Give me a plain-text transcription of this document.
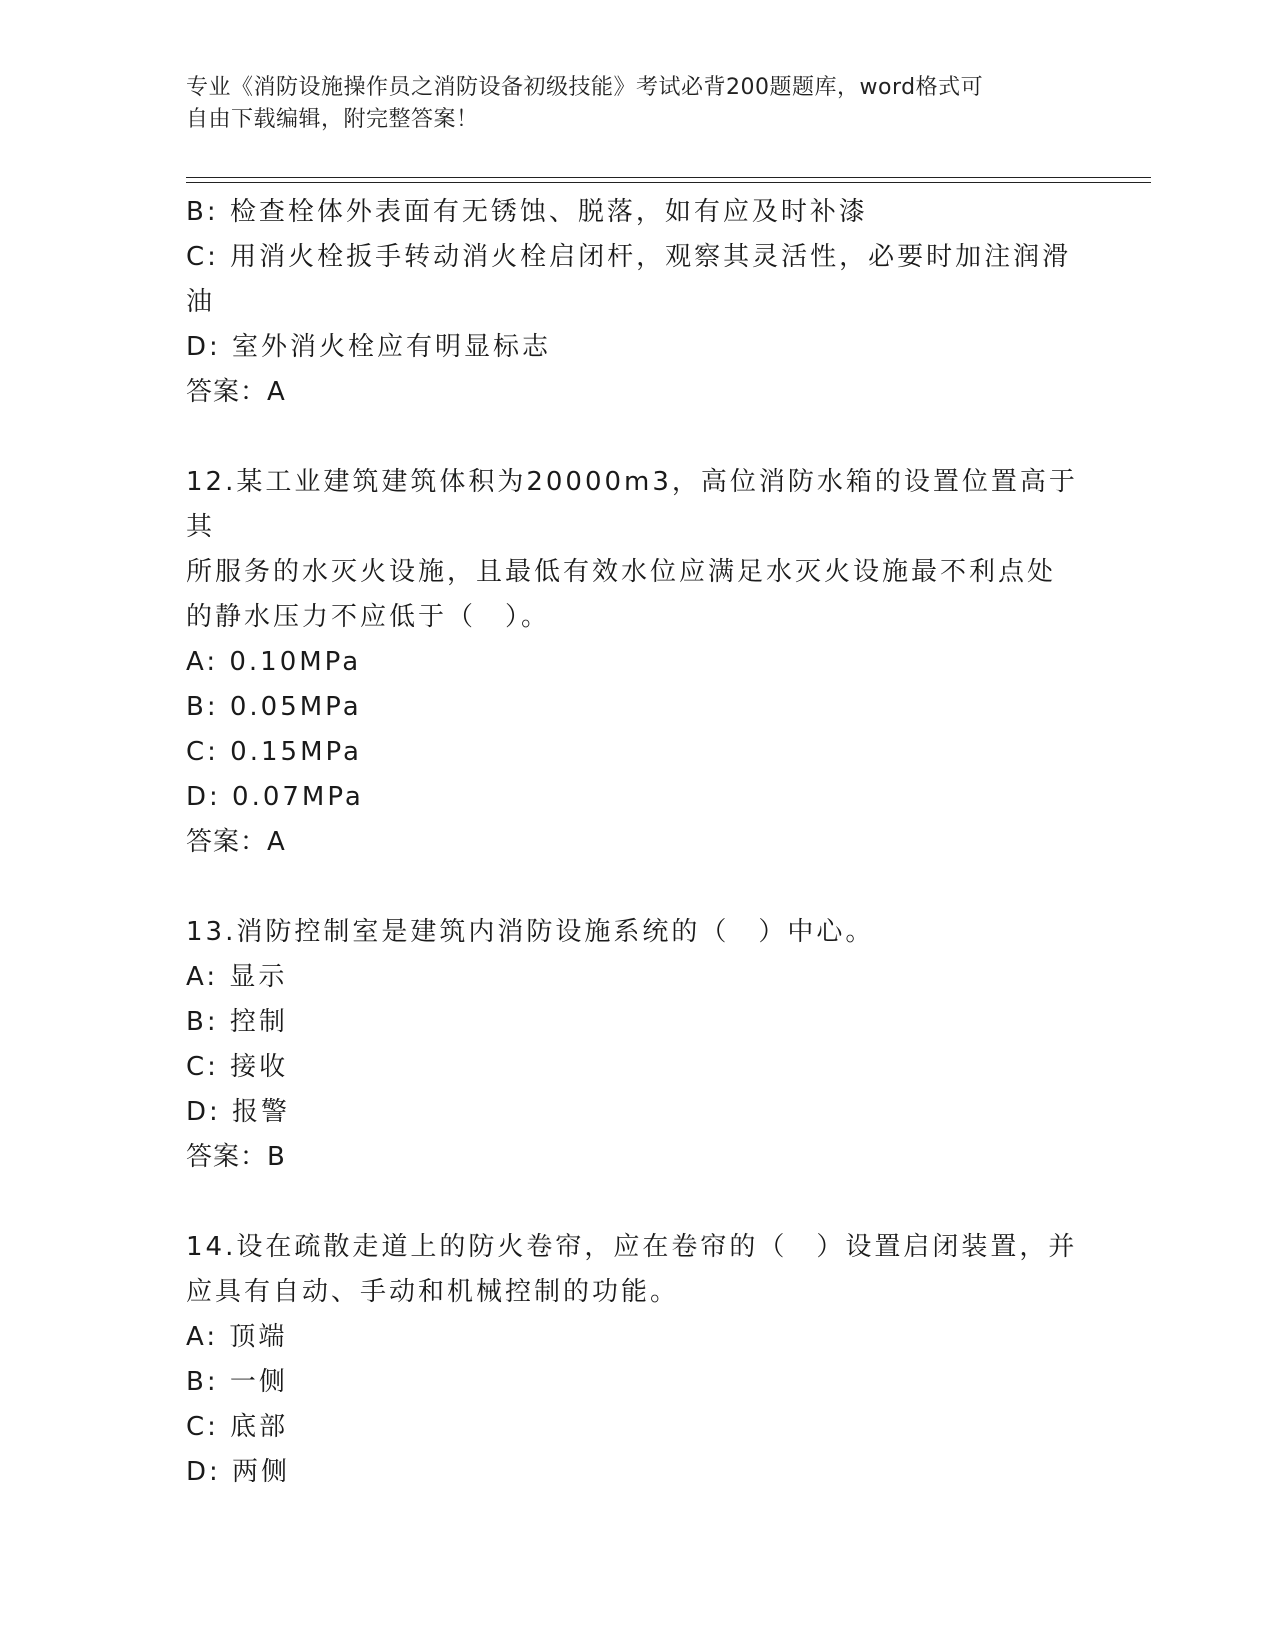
专业《消防设施操作员之消防设备初级技能》考试必背200题题库，word格式可
自由下载编辑，附完整答案！
B: 检查栓体外表面有无锈蚀、脱落，如有应及时补漆
C: 用消火栓扳手转动消火栓启闭杆，观察其灵活性，必要时加注润滑
油
D: 室外消火栓应有明显标志
答案：A
12.某工业建筑建筑体积为20000m3，高位消防水箱的设置位置高于其
所服务的水灭火设施，且最低有效水位应满足水灭火设施最不利点处
的静水压力不应低于（　）。
A: 0.10MPa
B: 0.05MPa
C: 0.15MPa
D: 0.07MPa
答案：A
13.消防控制室是建筑内消防设施系统的（　）中心。
A: 显示
B: 控制
C: 接收
D: 报警
答案：B
14.设在疏散走道上的防火卷帘，应在卷帘的（　）设置启闭装置，并
应具有自动、手动和机械控制的功能。
A: 顶端
B: 一侧
C: 底部
D: 两侧
